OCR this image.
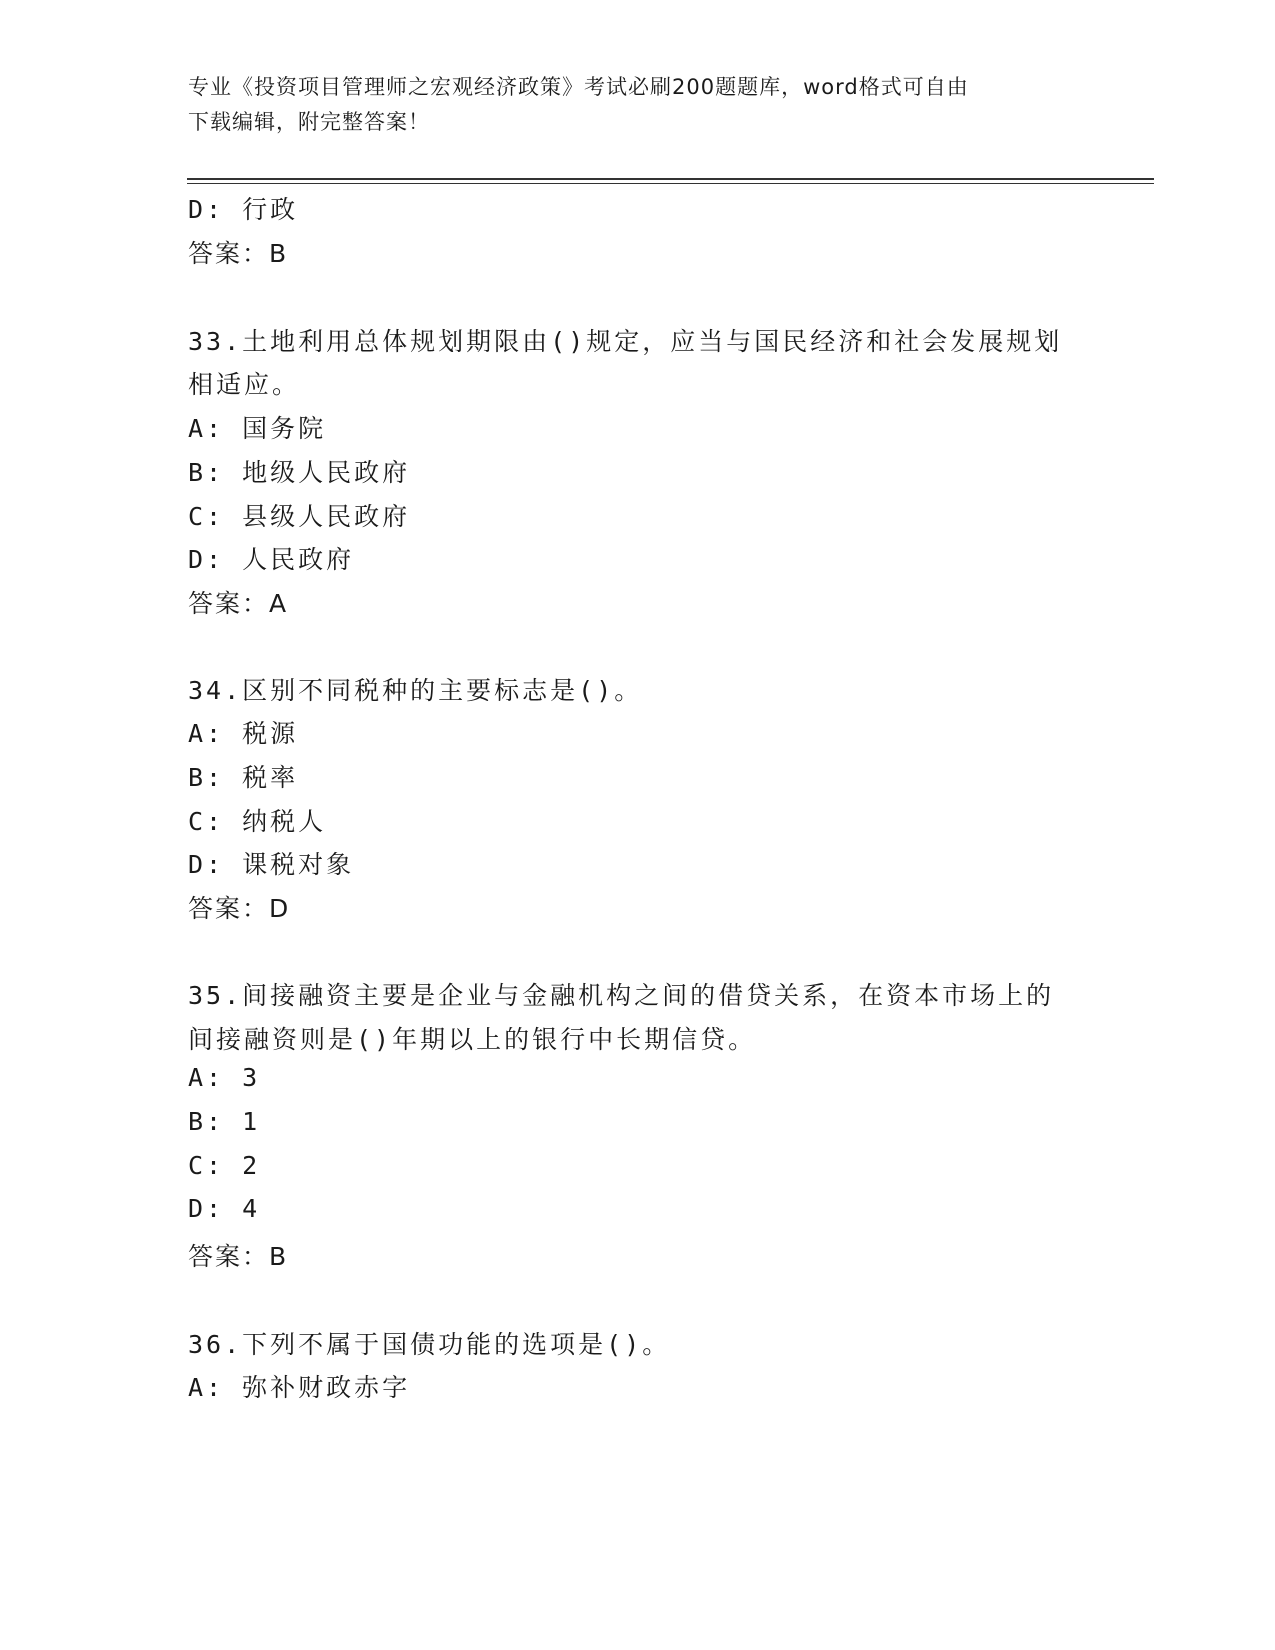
专业《投资项目管理师之宏观经济政策》考试必刷200题题库，word格式可自由
下载编辑，附完整答案！
D: 行政
答案：B
33.土地利用总体规划期限由()规定，应当与国民经济和社会发展规划
相适应。
A: 国务院
B: 地级人民政府
C: 县级人民政府
D: 人民政府
答案：A
34.区别不同税种的主要标志是()。
A: 税源
B: 税率
C: 纳税人
D: 课税对象
答案：D
35.间接融资主要是企业与金融机构之间的借贷关系，在资本市场上的
间接融资则是()年期以上的银行中长期信贷。
A: 3
B: 1
C: 2
D: 4
答案：B
36.下列不属于国债功能的选项是()。
A: 弥补财政赤字
